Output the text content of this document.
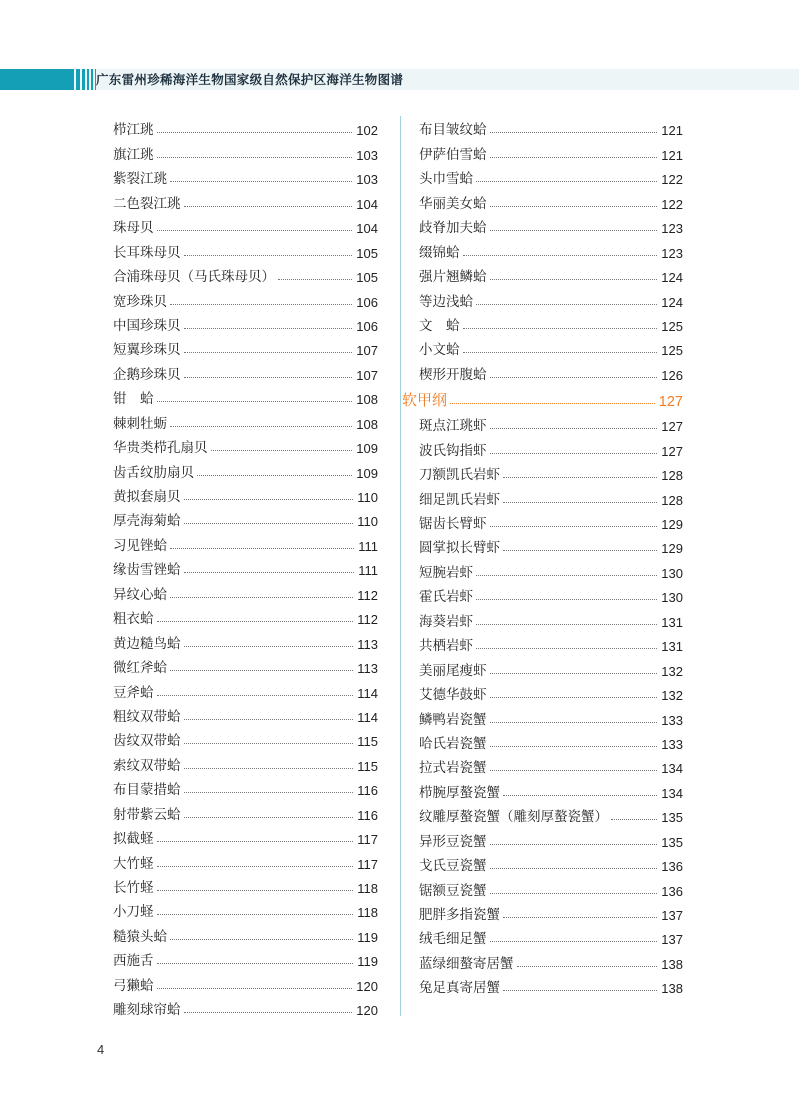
广东雷州珍稀海洋生物国家级自然保护区海洋生物图谱
栉江珧	102
旗江珧	103
紫裂江珧	103
二色裂江珧	104
珠母贝	104
长耳珠母贝	105
合浦珠母贝（马氏珠母贝）	105
宽珍珠贝	106
中国珍珠贝	106
短翼珍珠贝	107
企鹅珍珠贝	107
钳　蛤	108
棘刺牡蛎	108
华贵类栉孔扇贝	109
齿舌纹肋扇贝	109
黄拟套扇贝	110
厚壳海菊蛤	110
习见锉蛤	111
缘齿雪锉蛤	111
异纹心蛤	112
粗衣蛤	112
黄边糙鸟蛤	113
微红斧蛤	113
豆斧蛤	114
粗纹双带蛤	114
齿纹双带蛤	115
索纹双带蛤	115
布目蒙措蛤	116
射带紫云蛤	116
拟截蛏	117
大竹蛏	117
长竹蛏	118
小刀蛏	118
糙猿头蛤	119
西施舌	119
弓獭蛤	120
雕刻球帘蛤	120
布目皱纹蛤	121
伊萨伯雪蛤	121
头巾雪蛤	122
华丽美女蛤	122
歧脊加夫蛤	123
缀锦蛤	123
强片翘鳞蛤	124
等边浅蛤	124
文　蛤	125
小文蛤	125
楔形开腹蛤	126
软甲纲	127
斑点江珧虾	127
波氏钩指虾	127
刀额凯氏岩虾	128
细足凯氏岩虾	128
锯齿长臂虾	129
圆掌拟长臂虾	129
短腕岩虾	130
霍氏岩虾	130
海葵岩虾	131
共栖岩虾	131
美丽尾瘦虾	132
艾德华鼓虾	132
鳞鸭岩瓷蟹	133
哈氏岩瓷蟹	133
拉式岩瓷蟹	134
栉腕厚螯瓷蟹	134
纹雕厚螯瓷蟹（雕刻厚螯瓷蟹）	135
异形豆瓷蟹	135
戈氏豆瓷蟹	136
锯额豆瓷蟹	136
肥胖多指瓷蟹	137
绒毛细足蟹	137
蓝绿细螯寄居蟹	138
兔足真寄居蟹	138
4
